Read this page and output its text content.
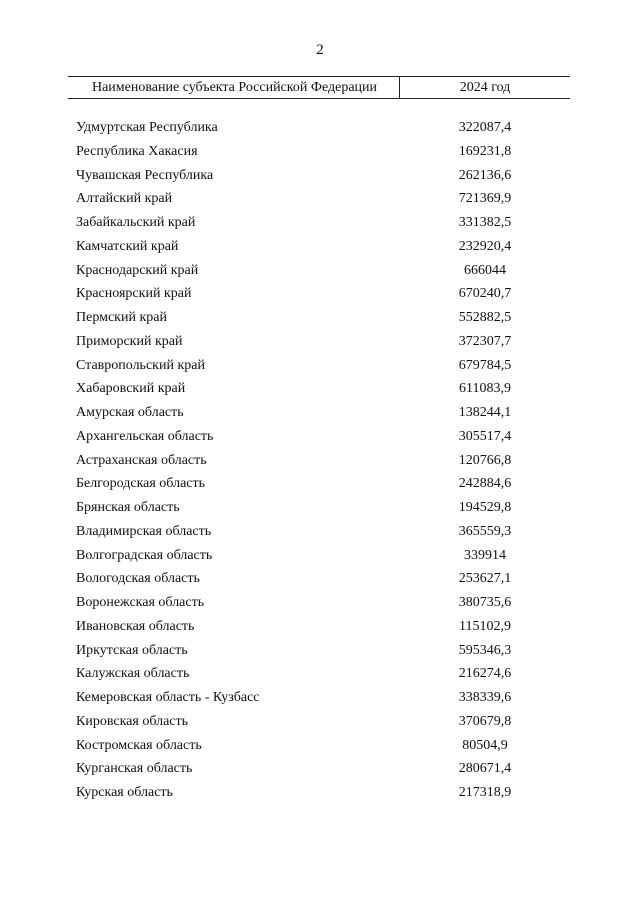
2
Наименование субъекта Российской Федерации	2024 год
Удмуртская Республика	322087,4
Республика Хакасия	169231,8
Чувашская Республика	262136,6
Алтайский край	721369,9
Забайкальский край	331382,5
Камчатский край	232920,4
Краснодарский край	666044
Красноярский край	670240,7
Пермский край	552882,5
Приморский край	372307,7
Ставропольский край	679784,5
Хабаровский край	611083,9
Амурская область	138244,1
Архангельская область	305517,4
Астраханская область	120766,8
Белгородская область	242884,6
Брянская область	194529,8
Владимирская область	365559,3
Волгоградская область	339914
Вологодская область	253627,1
Воронежская область	380735,6
Ивановская область	115102,9
Иркутская область	595346,3
Калужская область	216274,6
Кемеровская область - Кузбасс	338339,6
Кировская область	370679,8
Костромская область	80504,9
Курганская область	280671,4
Курская область	217318,9
